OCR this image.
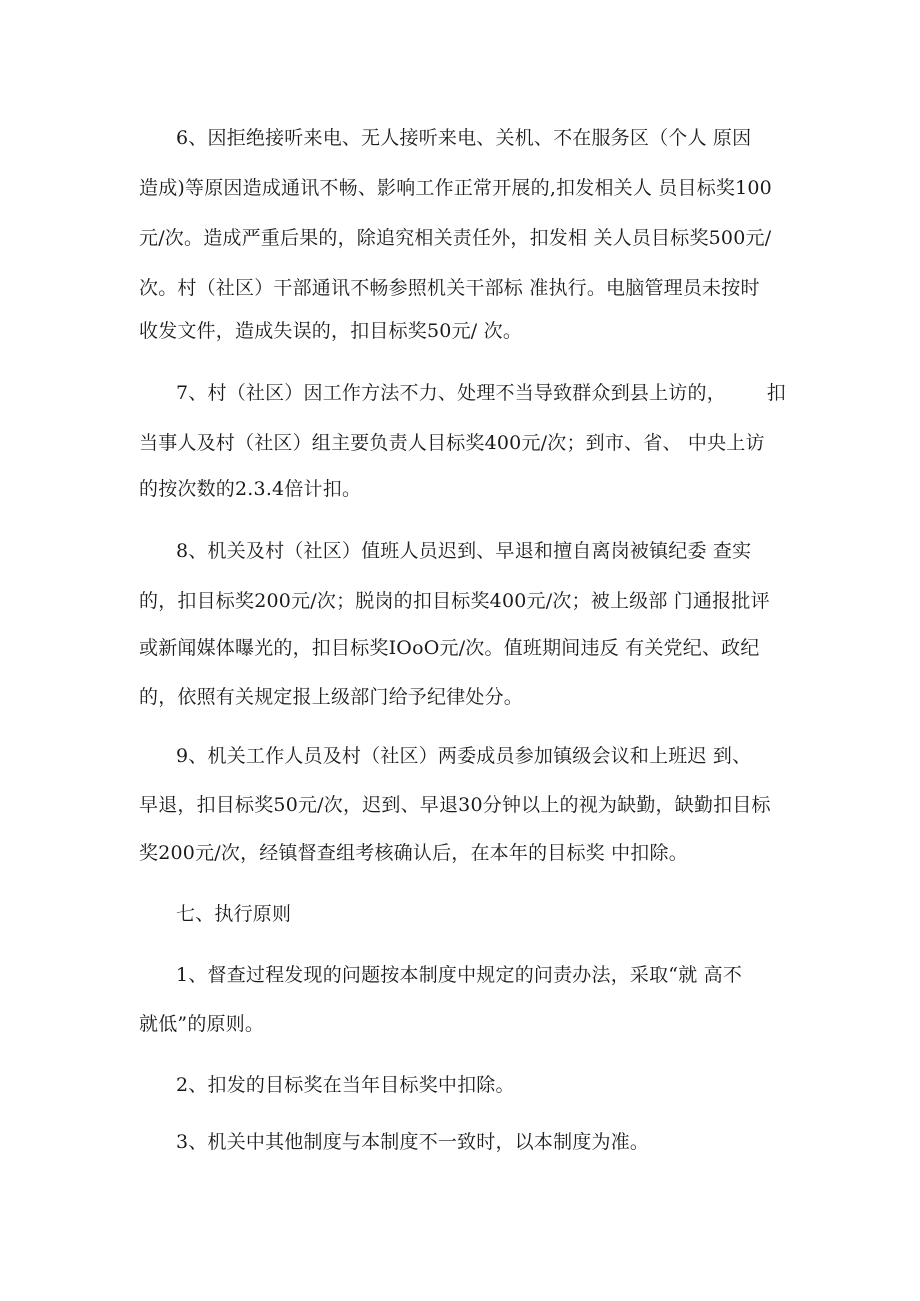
6、因拒绝接听来电、无人接听来电、关机、不在服务区（个人 原因
造成)等原因造成通讯不畅、影响工作正常开展的,扣发相关人 员目标奖100
元/次。造成严重后果的，除追究相关责任外，扣发相 关人员目标奖500元/
次。村（社区）干部通讯不畅参照机关干部标 准执行。电脑管理员未按时
收发文件，造成失误的，扣目标奖50元/ 次。
7、村（社区）因工作方法不力、处理不当导致群众到县上访的， 扣
当事人及村（社区）组主要负责人目标奖400元/次；到市、省、 中央上访
的按次数的2.3.4倍计扣。
8、机关及村（社区）值班人员迟到、早退和擅自离岗被镇纪委 查实
的，扣目标奖200元/次；脱岗的扣目标奖400元/次；被上级部 门通报批评
或新闻媒体曝光的，扣目标奖IOoO元/次。值班期间违反 有关党纪、政纪
的，依照有关规定报上级部门给予纪律处分。
9、机关工作人员及村（社区）两委成员参加镇级会议和上班迟 到、
早退，扣目标奖50元/次，迟到、早退30分钟以上的视为缺勤，缺勤扣目标
奖200元/次，经镇督查组考核确认后，在本年的目标奖 中扣除。
七、执行原则
1、督查过程发现的问题按本制度中规定的问责办法，采取“就 高不
就低”的原则。
2、扣发的目标奖在当年目标奖中扣除。
3、机关中其他制度与本制度不一致时，以本制度为准。
